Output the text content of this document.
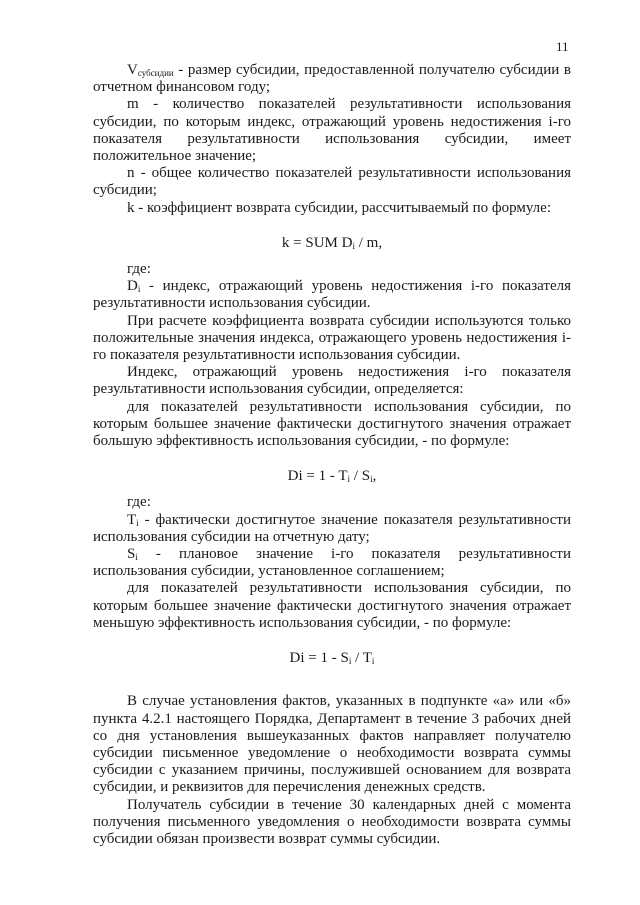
11

$V_{субсидии}$ - размер субсидии, предоставленной получателю субсидии в отчетном финансовом году;

m - количество показателей результативности использования субсидии, по которым индекс, отражающий уровень недостижения i-го показателя результативности использования субсидии, имеет положительное значение;

n - общее количество показателей результативности использования субсидии;

k - коэффициент возврата субсидии, рассчитываемый по формуле:

k = SUM $D_i$ / m,

где:

$D_i$ - индекс, отражающий уровень недостижения i-го показателя результативности использования субсидии.

При расчете коэффициента возврата субсидии используются только положительные значения индекса, отражающего уровень недостижения i-го показателя результативности использования субсидии.

Индекс, отражающий уровень недостижения i-го показателя результативности использования субсидии, определяется:

для показателей результативности использования субсидии, по которым большее значение фактически достигнутого значения отражает большую эффективность использования субсидии, - по формуле:

$Di = 1 - T_i / S_i$,

где:

$T_i$ - фактически достигнутое значение показателя результативности использования субсидии на отчетную дату;

$S_i$ - плановое значение i-го показателя результативности использования субсидии, установленное соглашением;

для показателей результативности использования субсидии, по которым большее значение фактически достигнутого значения отражает меньшую эффективность использования субсидии, - по формуле:

$Di = 1 - S_i / T_i$

В случае установления фактов, указанных в подпункте «а» или «б» пункта 4.2.1 настоящего Порядка, Департамент в течение 3 рабочих дней со дня установления вышеуказанных фактов направляет получателю субсидии письменное уведомление о необходимости возврата суммы субсидии с указанием причины, послужившей основанием для возврата субсидии, и реквизитов для перечисления денежных средств.

Получатель субсидии в течение 30 календарных дней с момента получения письменного уведомления о необходимости возврата суммы субсидии обязан произвести возврат суммы субсидии.
